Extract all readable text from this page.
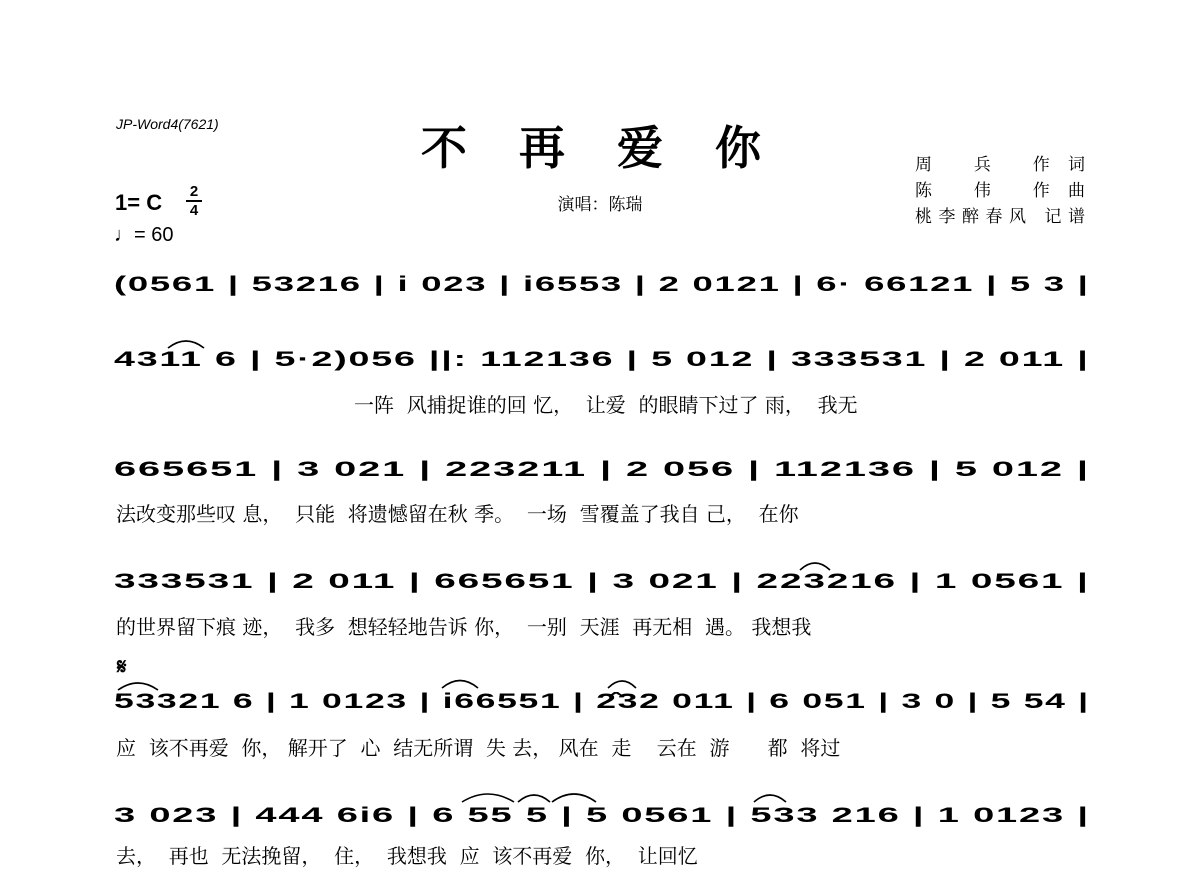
JP-Word4(7621)	不 再 爱 你
演唱：陈瑞
周 兵 作词
陈 伟 作曲
桃李醉春风 记谱
1= C 2
4
♩= 60
(0561 | 53216 | i 023 | i6553 | 2 0121 | 6· 66121 | 5 3 |
4311 6 | 5·2)056 ||: 112136 | 5 012 | 333531 | 2 011 |
一阵  风捕捉谁的回 忆，  让爱  的眼睛下过了 雨，  我无
665651 | 3 021 | 223211 | 2 056 | 112136 | 5 012 |
法改变那些叹 息，  只能  将遗憾留在秋 季。  一场  雪覆盖了我自 己，  在你
333531 | 2 011 | 665651 | 3 021 | 223216 | 1 0561 |
的世界留下痕 迹，  我多  想轻轻地告诉 你，  一别  天涯  再无相  遇。 我想我
𝄋
53321 6 | 1 0123 | i66551 | 2̂32 011 | 6 051 | 3 0 | 5 54 |
应  该不再爱  你， 解开了  心  结无所谓  失 去， 风在  走    云在  游      都  将过
3 023 | 444 6i6 | 6 55 5 | 5 0561 | 533 216 | 1 0123 |
去，  再也  无法挽留，  住，  我想我  应  该不再爱  你，  让回忆
